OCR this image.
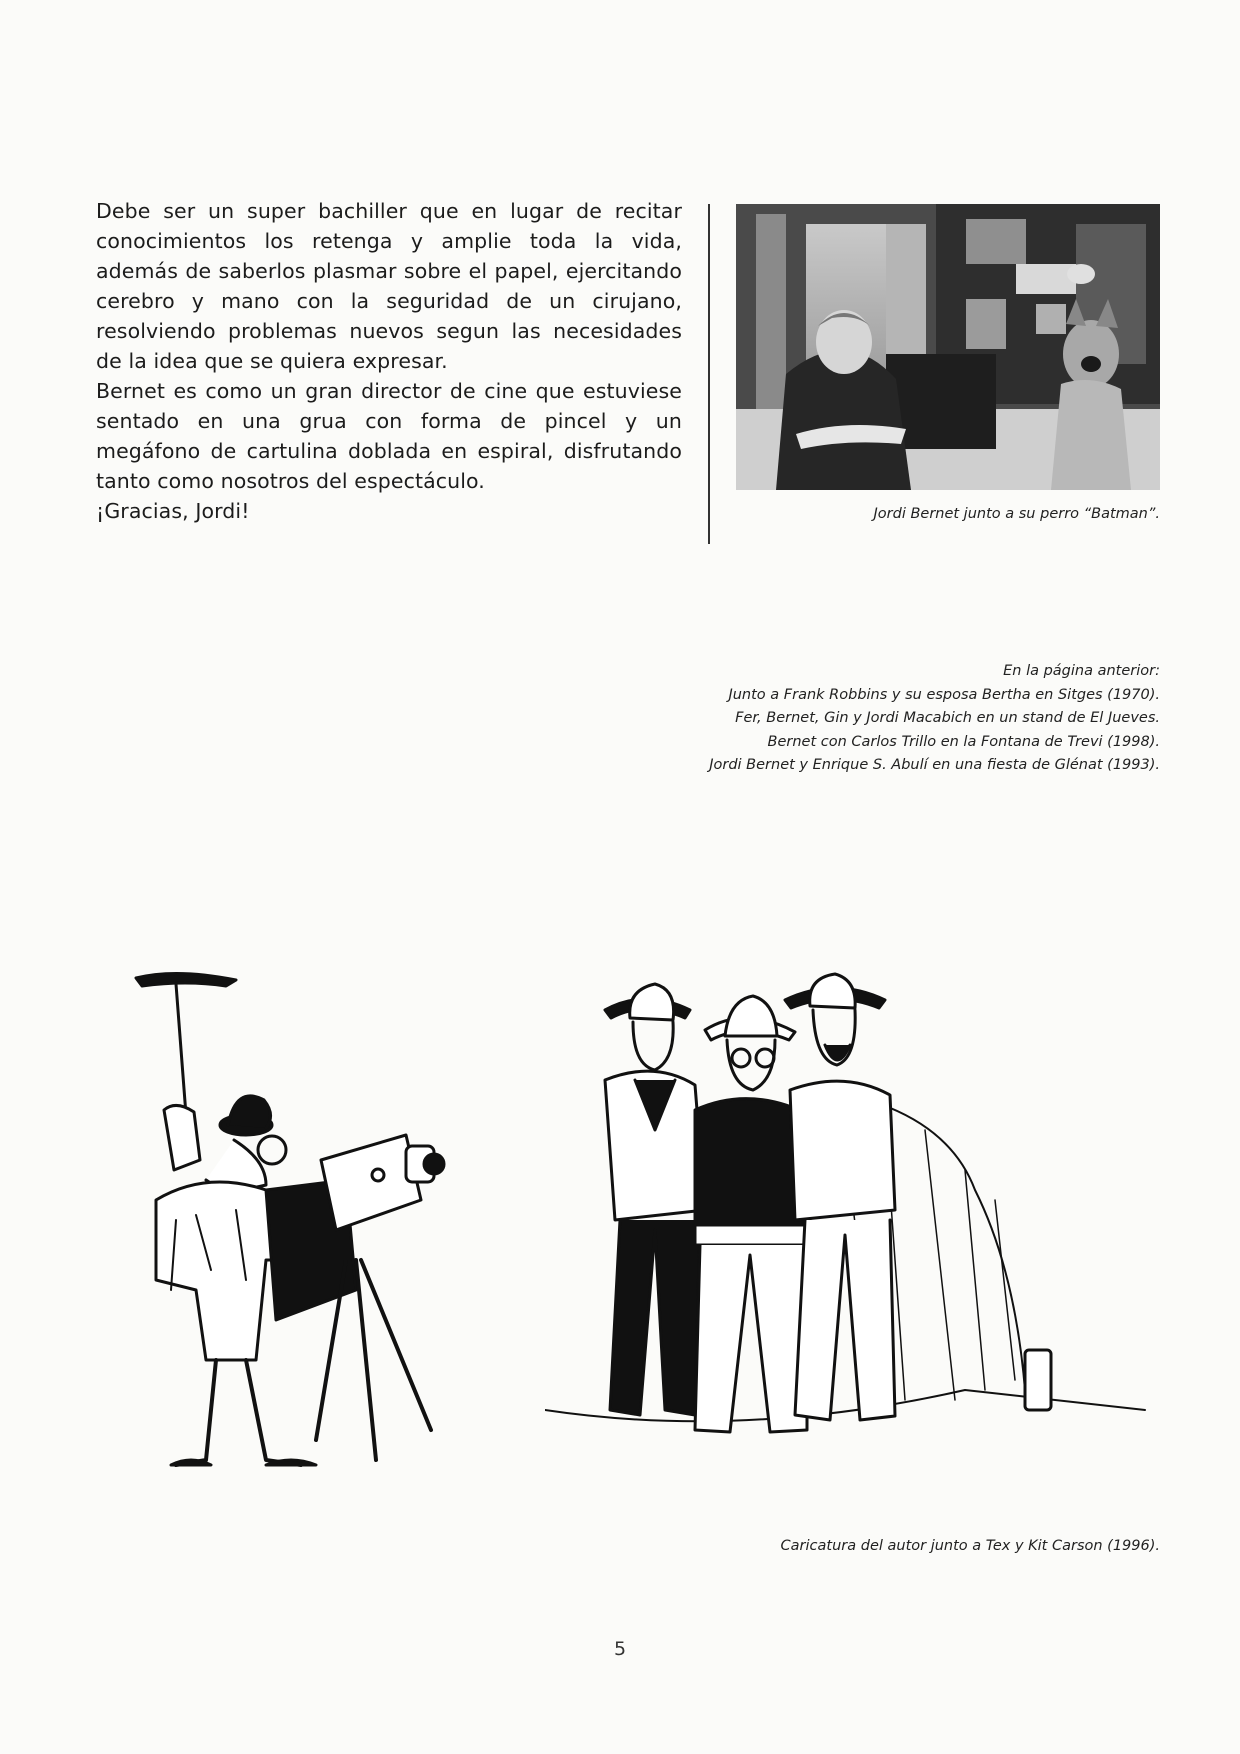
Debe ser un super bachiller que en lugar de recitar conocimientos los retenga y amplie toda la vida, además de saberlos plasmar sobre el papel, ejercitando cerebro y mano con la seguridad de un cirujano, resolviendo problemas nuevos segun las necesidades de la idea que se quiera expresar.

Bernet es como un gran director de cine que estuviese sentado en una grua con forma de pincel y un megáfono de cartulina doblada en espiral, disfrutando tanto como nosotros del espectáculo.

¡Gracias, Jordi!	Jordi Bernet junto a su perro “Batman”.
En la página anterior:
Junto a Frank Robbins y su esposa Bertha en Sitges (1970).
Fer, Bernet, Gin y Jordi Macabich en un stand de El Jueves.
Bernet con Carlos Trillo en la Fontana de Trevi (1998).
Jordi Bernet y Enrique S. Abulí en una fiesta de Glénat (1993).
Caricatura del autor junto a Tex y Kit Carson (1996).
5
